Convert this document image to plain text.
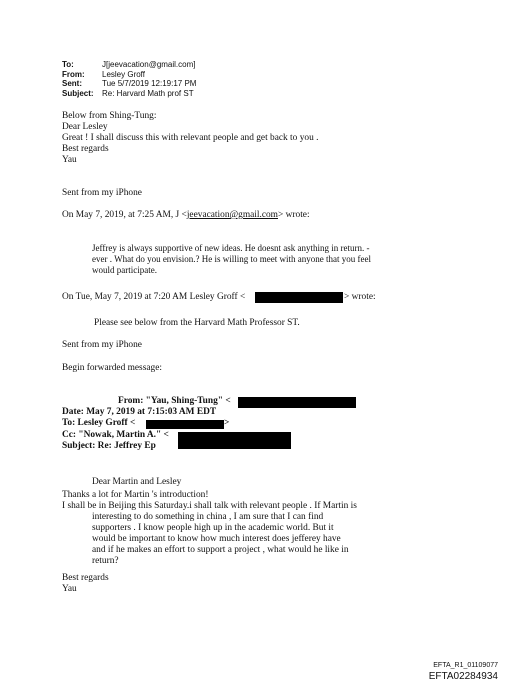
To:	J[jeevacation@gmail.com]
From:	Lesley Groff
Sent:	Tue 5/7/2019 12:19:17 PM
Subject:	Re: Harvard Math prof ST
Below from Shing-Tung:
Dear Lesley
Great ! I shall discuss this with relevant people and get back to you .
Best regards
Yau
Sent from my iPhone
On May 7, 2019, at 7:25 AM, J <jeevacation@gmail.com> wrote:
Jeffrey is always supportive of new ideas. He doesnt ask anything in return. -
ever . What do you envision.? He is willing to meet with anyone that you feel
would participate.
On Tue, May 7, 2019 at 7:20 AM Lesley Groff <	> wrote:
Please see below from the Harvard Math Professor ST.
Sent from my iPhone
Begin forwarded message:
From: "Yau, Shing-Tung" <
Date: May 7, 2019 at 7:15:03 AM EDT
To: Lesley Groff <	>
Cc: "Nowak, Martin A." <
Subject: Re: Jeffrey Ep
Dear Martin and Lesley
Thanks a lot for Martin 's introduction!
I shall be in Beijing this Saturday.i shall talk with relevant people . If Martin is
interesting to do something in china , I am sure that I can find
supporters . I know people high up in the academic world. But it
would be important to know how much interest does jefferey have
and if he makes an effort to support a project , what would he like in
return?
Best regards
Yau
EFTA_R1_01109077
EFTA02284934
